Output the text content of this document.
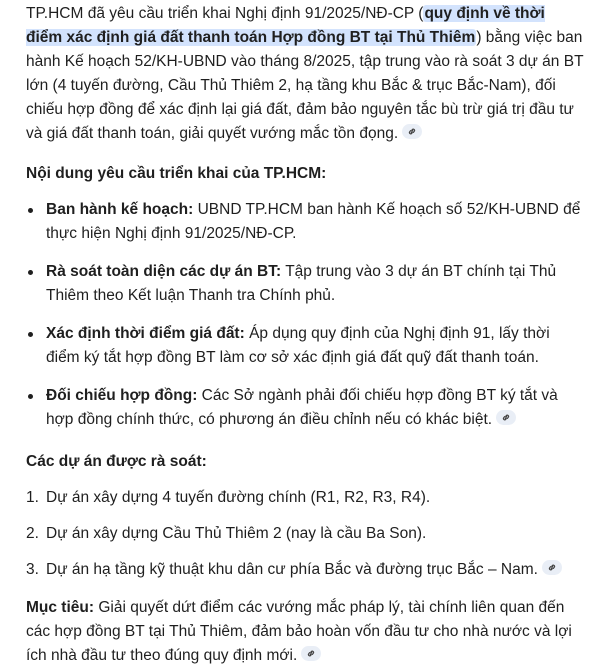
TP.HCM đã yêu cầu triển khai Nghị định 91/2025/NĐ-CP (quy định về thời điểm xác định giá đất thanh toán Hợp đồng BT tại Thủ Thiêm) bằng việc ban hành Kế hoạch 52/KH-UBND vào tháng 8/2025, tập trung vào rà soát 3 dự án BT lớn (4 tuyến đường, Cầu Thủ Thiêm 2, hạ tầng khu Bắc & trục Bắc-Nam), đối chiếu hợp đồng để xác định lại giá đất, đảm bảo nguyên tắc bù trừ giá trị đầu tư và giá đất thanh toán, giải quyết vướng mắc tồn đọng.

Nội dung yêu cầu triển khai của TP.HCM:
Ban hành kế hoạch: UBND TP.HCM ban hành Kế hoạch số 52/KH-UBND để thực hiện Nghị định 91/2025/NĐ-CP.
Rà soát toàn diện các dự án BT: Tập trung vào 3 dự án BT chính tại Thủ Thiêm theo Kết luận Thanh tra Chính phủ.
Xác định thời điểm giá đất: Áp dụng quy định của Nghị định 91, lấy thời điểm ký tắt hợp đồng BT làm cơ sở xác định giá đất quỹ đất thanh toán.
Đối chiếu hợp đồng: Các Sở ngành phải đối chiếu hợp đồng BT ký tắt và hợp đồng chính thức, có phương án điều chỉnh nếu có khác biệt.
Các dự án được rà soát:
1. Dự án xây dựng 4 tuyến đường chính (R1, R2, R3, R4).
2. Dự án xây dựng Cầu Thủ Thiêm 2 (nay là cầu Ba Son).
3. Dự án hạ tầng kỹ thuật khu dân cư phía Bắc và đường trục Bắc – Nam.

Mục tiêu: Giải quyết dứt điểm các vướng mắc pháp lý, tài chính liên quan đến các hợp đồng BT tại Thủ Thiêm, đảm bảo hoàn vốn đầu tư cho nhà nước và lợi ích nhà đầu tư theo đúng quy định mới.
